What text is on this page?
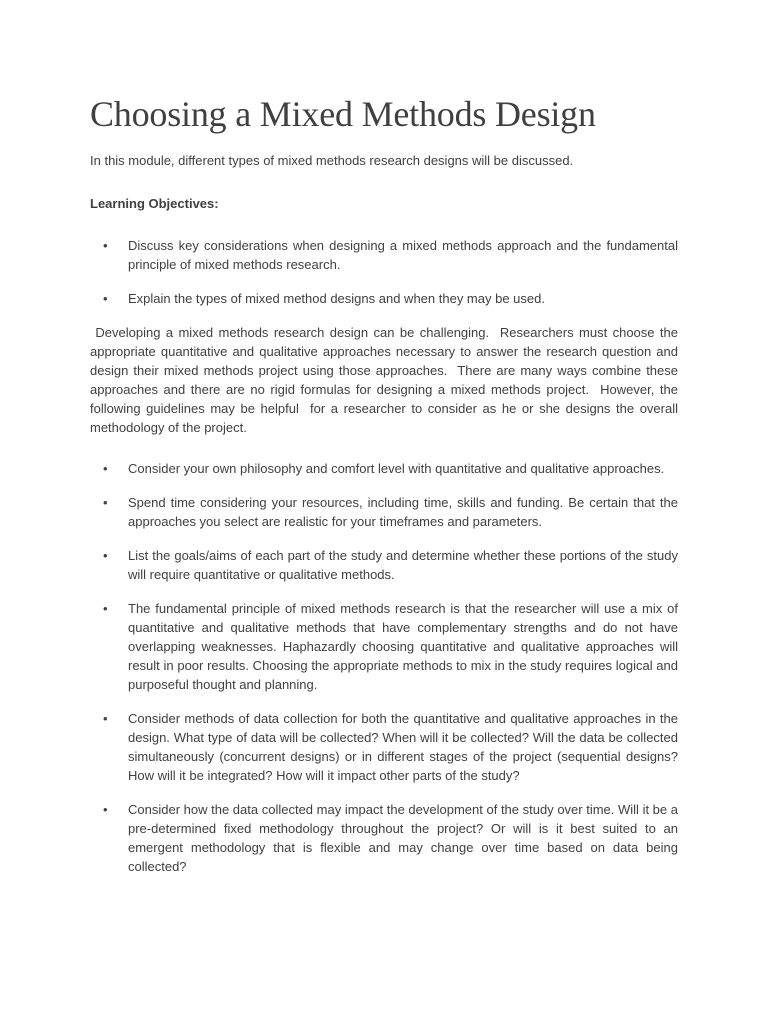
Choosing a Mixed Methods Design

In this module, different types of mixed methods research designs will be discussed.

Learning Objectives:

• Discuss key considerations when designing a mixed methods approach and the fundamental principle of mixed methods research.
• Explain the types of mixed method designs and when they may be used.

Developing a mixed methods research design can be challenging.  Researchers must choose the appropriate quantitative and qualitative approaches necessary to answer the research question and design their mixed methods project using those approaches.  There are many ways combine these approaches and there are no rigid formulas for designing a mixed methods project.  However, the following guidelines may be helpful  for a researcher to consider as he or she designs the overall methodology of the project.

• Consider your own philosophy and comfort level with quantitative and qualitative approaches.
• Spend time considering your resources, including time, skills and funding. Be certain that the approaches you select are realistic for your timeframes and parameters.
• List the goals/aims of each part of the study and determine whether these portions of the study will require quantitative or qualitative methods.
• The fundamental principle of mixed methods research is that the researcher will use a mix of quantitative and qualitative methods that have complementary strengths and do not have overlapping weaknesses. Haphazardly choosing quantitative and qualitative approaches will result in poor results. Choosing the appropriate methods to mix in the study requires logical and purposeful thought and planning.
• Consider methods of data collection for both the quantitative and qualitative approaches in the design. What type of data will be collected? When will it be collected? Will the data be collected simultaneously (concurrent designs) or in different stages of the project (sequential designs? How will it be integrated? How will it impact other parts of the study?
• Consider how the data collected may impact the development of the study over time. Will it be a pre-determined fixed methodology throughout the project? Or will is it best suited to an emergent methodology that is flexible and may change over time based on data being collected?
